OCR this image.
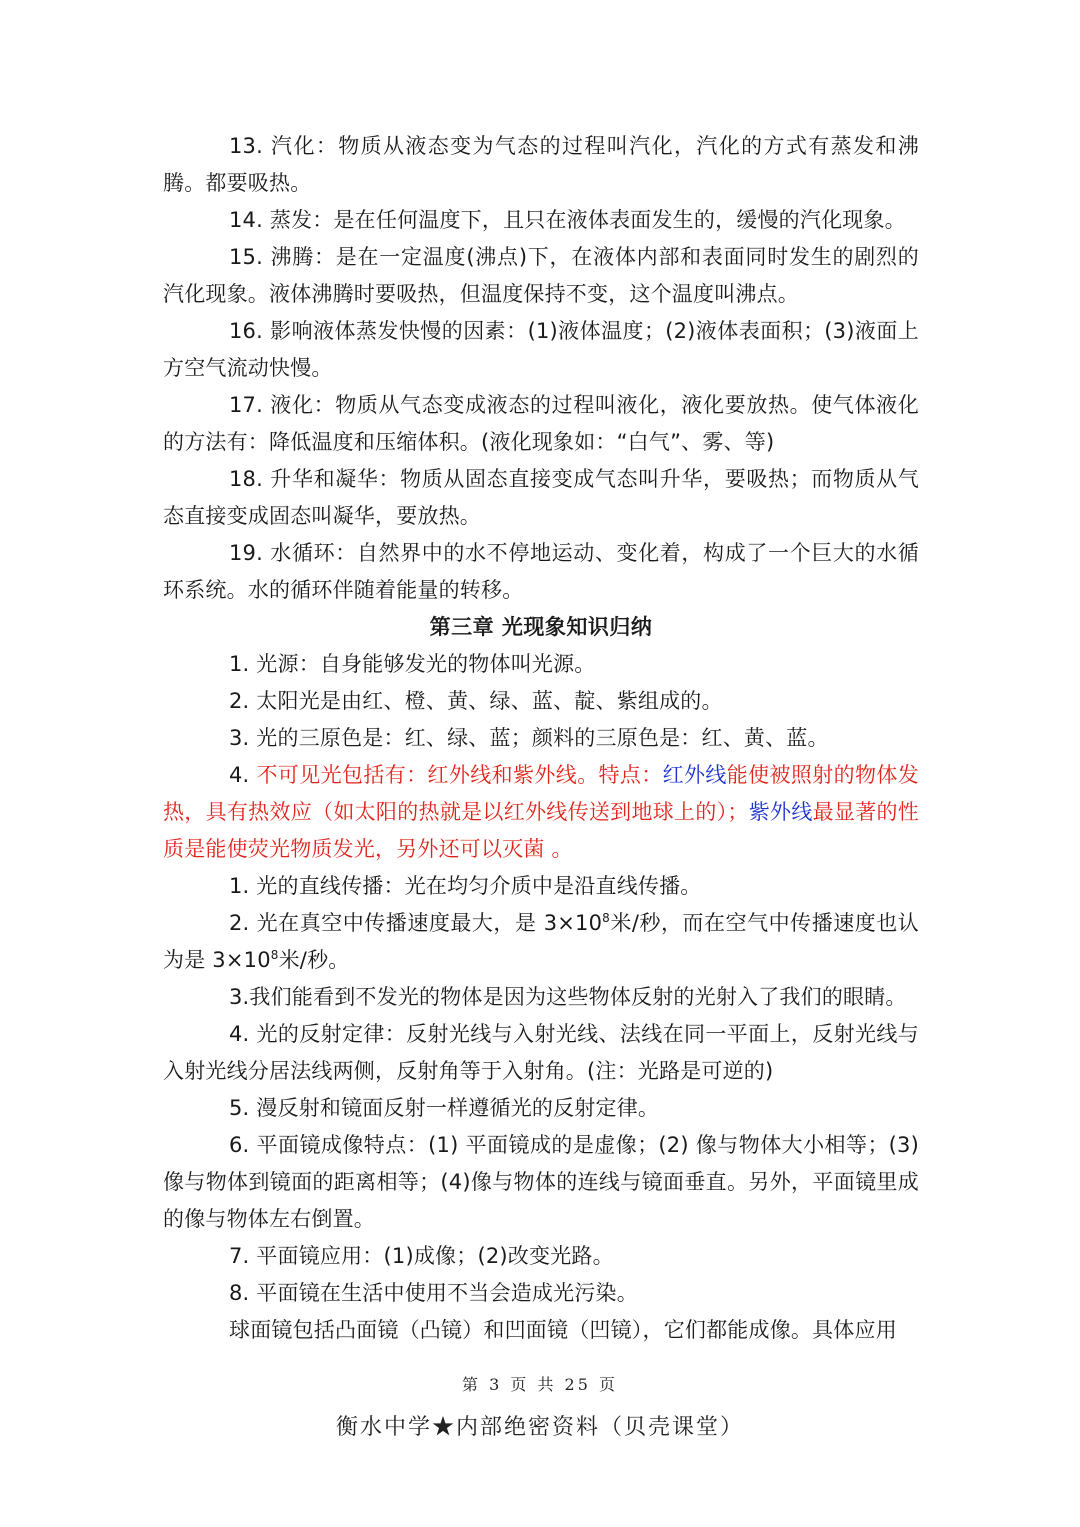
13. 汽化：物质从液态变为气态的过程叫汽化，汽化的方式有蒸发和沸腾。都要吸热。

14. 蒸发：是在任何温度下，且只在液体表面发生的，缓慢的汽化现象。

15. 沸腾：是在一定温度(沸点)下，在液体内部和表面同时发生的剧烈的汽化现象。液体沸腾时要吸热，但温度保持不变，这个温度叫沸点。

16. 影响液体蒸发快慢的因素：(1)液体温度；(2)液体表面积；(3)液面上方空气流动快慢。

17. 液化：物质从气态变成液态的过程叫液化，液化要放热。使气体液化的方法有：降低温度和压缩体积。(液化现象如：“白气”、雾、等)

18. 升华和凝华：物质从固态直接变成气态叫升华，要吸热；而物质从气态直接变成固态叫凝华，要放热。

19. 水循环：自然界中的水不停地运动、变化着，构成了一个巨大的水循环系统。水的循环伴随着能量的转移。

第三章 光现象知识归纳

1. 光源：自身能够发光的物体叫光源。

2. 太阳光是由红、橙、黄、绿、蓝、靛、紫组成的。

3. 光的三原色是：红、绿、蓝；颜料的三原色是：红、黄、蓝。

4. 不可见光包括有：红外线和紫外线。特点：红外线能使被照射的物体发热，具有热效应（如太阳的热就是以红外线传送到地球上的）；紫外线最显著的性质是能使荧光物质发光，另外还可以灭菌 。

1. 光的直线传播：光在均匀介质中是沿直线传播。

2. 光在真空中传播速度最大，是 $3\times 10^8$米/秒，而在空气中传播速度也认为是 $3\times 10^8$米/秒。

3.我们能看到不发光的物体是因为这些物体反射的光射入了我们的眼睛。

4. 光的反射定律：反射光线与入射光线、法线在同一平面上，反射光线与入射光线分居法线两侧，反射角等于入射角。(注：光路是可逆的)

5. 漫反射和镜面反射一样遵循光的反射定律。

6. 平面镜成像特点：(1) 平面镜成的是虚像；(2) 像与物体大小相等；(3)像与物体到镜面的距离相等；(4)像与物体的连线与镜面垂直。另外，平面镜里成的像与物体左右倒置。

7. 平面镜应用：(1)成像；(2)改变光路。

8. 平面镜在生活中使用不当会造成光污染。

球面镜包括凸面镜（凸镜）和凹面镜（凹镜），它们都能成像。具体应用

第 3 页 共 25 页
衡水中学★内部绝密资料（贝壳课堂）
